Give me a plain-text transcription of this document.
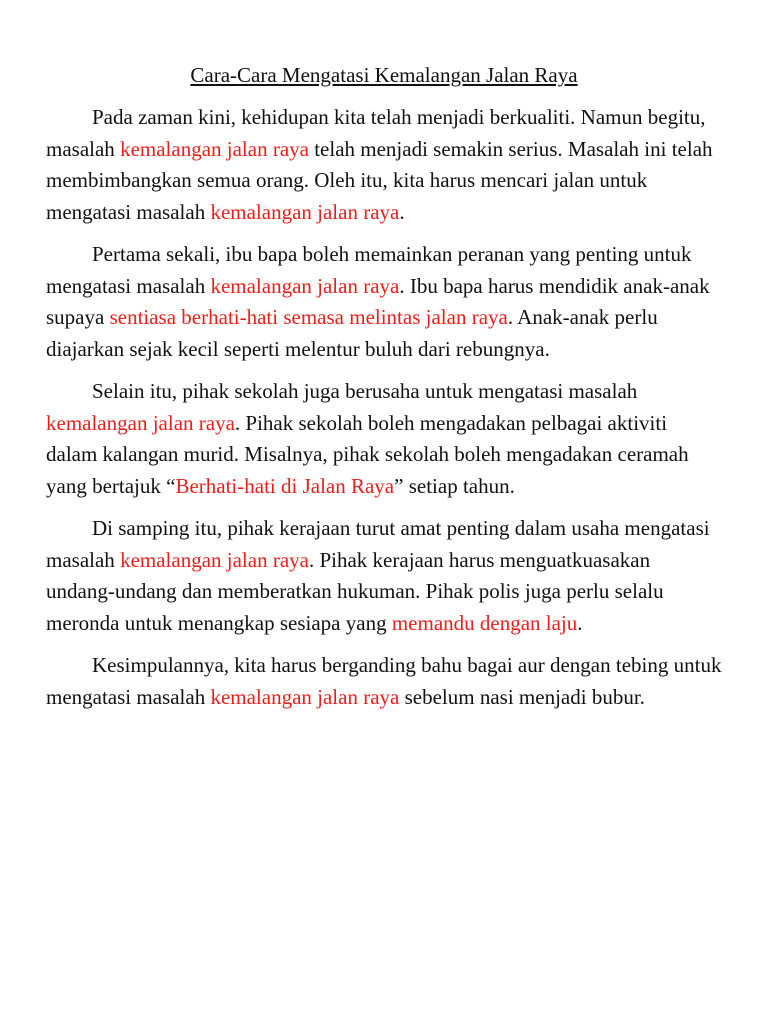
Cara-Cara Mengatasi Kemalangan Jalan Raya

Pada zaman kini, kehidupan kita telah menjadi berkualiti. Namun begitu, masalah kemalangan jalan raya telah menjadi semakin serius. Masalah ini telah membimbangkan semua orang. Oleh itu, kita harus mencari jalan untuk mengatasi masalah kemalangan jalan raya.

Pertama sekali, ibu bapa boleh memainkan peranan yang penting untuk mengatasi masalah kemalangan jalan raya. Ibu bapa harus mendidik anak-anak supaya sentiasa berhati-hati semasa melintas jalan raya. Anak-anak perlu diajarkan sejak kecil seperti melentur buluh dari rebungnya.

Selain itu, pihak sekolah juga berusaha untuk mengatasi masalah kemalangan jalan raya. Pihak sekolah boleh mengadakan pelbagai aktiviti dalam kalangan murid. Misalnya, pihak sekolah boleh mengadakan ceramah yang bertajuk “Berhati-hati di Jalan Raya” setiap tahun.

Di samping itu, pihak kerajaan turut amat penting dalam usaha mengatasi masalah kemalangan jalan raya. Pihak kerajaan harus menguatkuasakan undang-undang dan memberatkan hukuman. Pihak polis juga perlu selalu meronda untuk menangkap sesiapa yang memandu dengan laju.

Kesimpulannya, kita harus berganding bahu bagai aur dengan tebing untuk mengatasi masalah kemalangan jalan raya sebelum nasi menjadi bubur.
